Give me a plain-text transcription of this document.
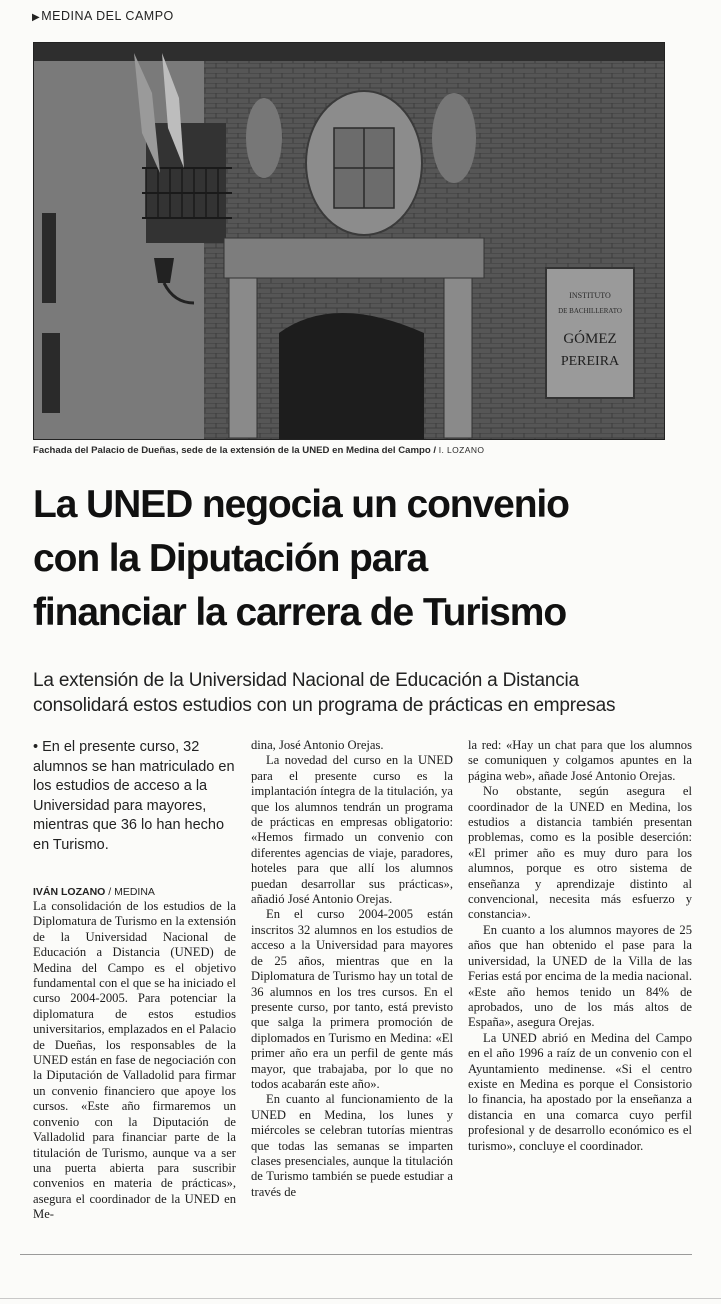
▶MEDINA DEL CAMPO
INSTITUTO
DE BACHILLERATO
GÓMEZ
PEREIRA
Fachada del Palacio de Dueñas, sede de la extensión de la UNED en Medina del Campo / I. LOZANO
La UNED negocia un convenio
con la Diputación para
financiar la carrera de Turismo

La extensión de la Universidad Nacional de Educación a Distancia
consolidará estos estudios con un programa de prácticas en empresas

• En el presente curso, 32 alumnos se han matriculado en los estudios de acceso a la Universidad para mayores, mientras que 36 lo han hecho en Turismo.

IVÁN LOZANO / MEDINA

La consolidación de los estudios de la Diplomatura de Turismo en la extensión de la Universidad Nacional de Educación a Distancia (UNED) de Medina del Campo es el objetivo fundamental con el que se ha iniciado el curso 2004-2005. Para potenciar la diplomatura de estos estudios universitarios, emplazados en el Palacio de Dueñas, los responsables de la UNED están en fase de negociación con la Diputación de Valladolid para firmar un convenio financiero que apoye los cursos. «Este año firmaremos un convenio con la Diputación de Valladolid para financiar parte de la titulación de Turismo, aunque va a ser una puerta abierta para suscribir convenios en materia de prácticas», asegura el coordinador de la UNED en Me-

dina, José Antonio Orejas.

La novedad del curso en la UNED para el presente curso es la implantación íntegra de la titulación, ya que los alumnos tendrán un programa de prácticas en empresas obligatorio: «Hemos firmado un convenio con diferentes agencias de viaje, paradores, hoteles para que allí los alumnos puedan desarrollar sus prácticas», añadió José Antonio Orejas.

En el curso 2004-2005 están inscritos 32 alumnos en los estudios de acceso a la Universidad para mayores de 25 años, mientras que en la Diplomatura de Turismo hay un total de 36 alumnos en los tres cursos. En el presente curso, por tanto, está previsto que salga la primera promoción de diplomados en Turismo en Medina: «El primer año era un perfil de gente más mayor, que trabajaba, por lo que no todos acabarán este año».

En cuanto al funcionamiento de la UNED en Medina, los lunes y miércoles se celebran tutorías mientras que todas las semanas se imparten clases presenciales, aunque la titulación de Turismo también se puede estudiar a través de

la red: «Hay un chat para que los alumnos se comuniquen y colgamos apuntes en la página web», añade José Antonio Orejas.

No obstante, según asegura el coordinador de la UNED en Medina, los estudios a distancia también presentan problemas, como es la posible deserción: «El primer año es muy duro para los alumnos, porque es otro sistema de enseñanza y aprendizaje distinto al convencional, necesita más esfuerzo y constancia».

En cuanto a los alumnos mayores de 25 años que han obtenido el pase para la universidad, la UNED de la Villa de las Ferias está por encima de la media nacional. «Este año hemos tenido un 84% de aprobados, uno de los más altos de España», asegura Orejas.

La UNED abrió en Medina del Campo en el año 1996 a raíz de un convenio con el Ayuntamiento medinense. «Si el centro existe en Medina es porque el Consistorio lo financia, ha apostado por la enseñanza a distancia en una comarca cuyo perfil profesional y de desarrollo económico es el turismo», concluye el coordinador.
